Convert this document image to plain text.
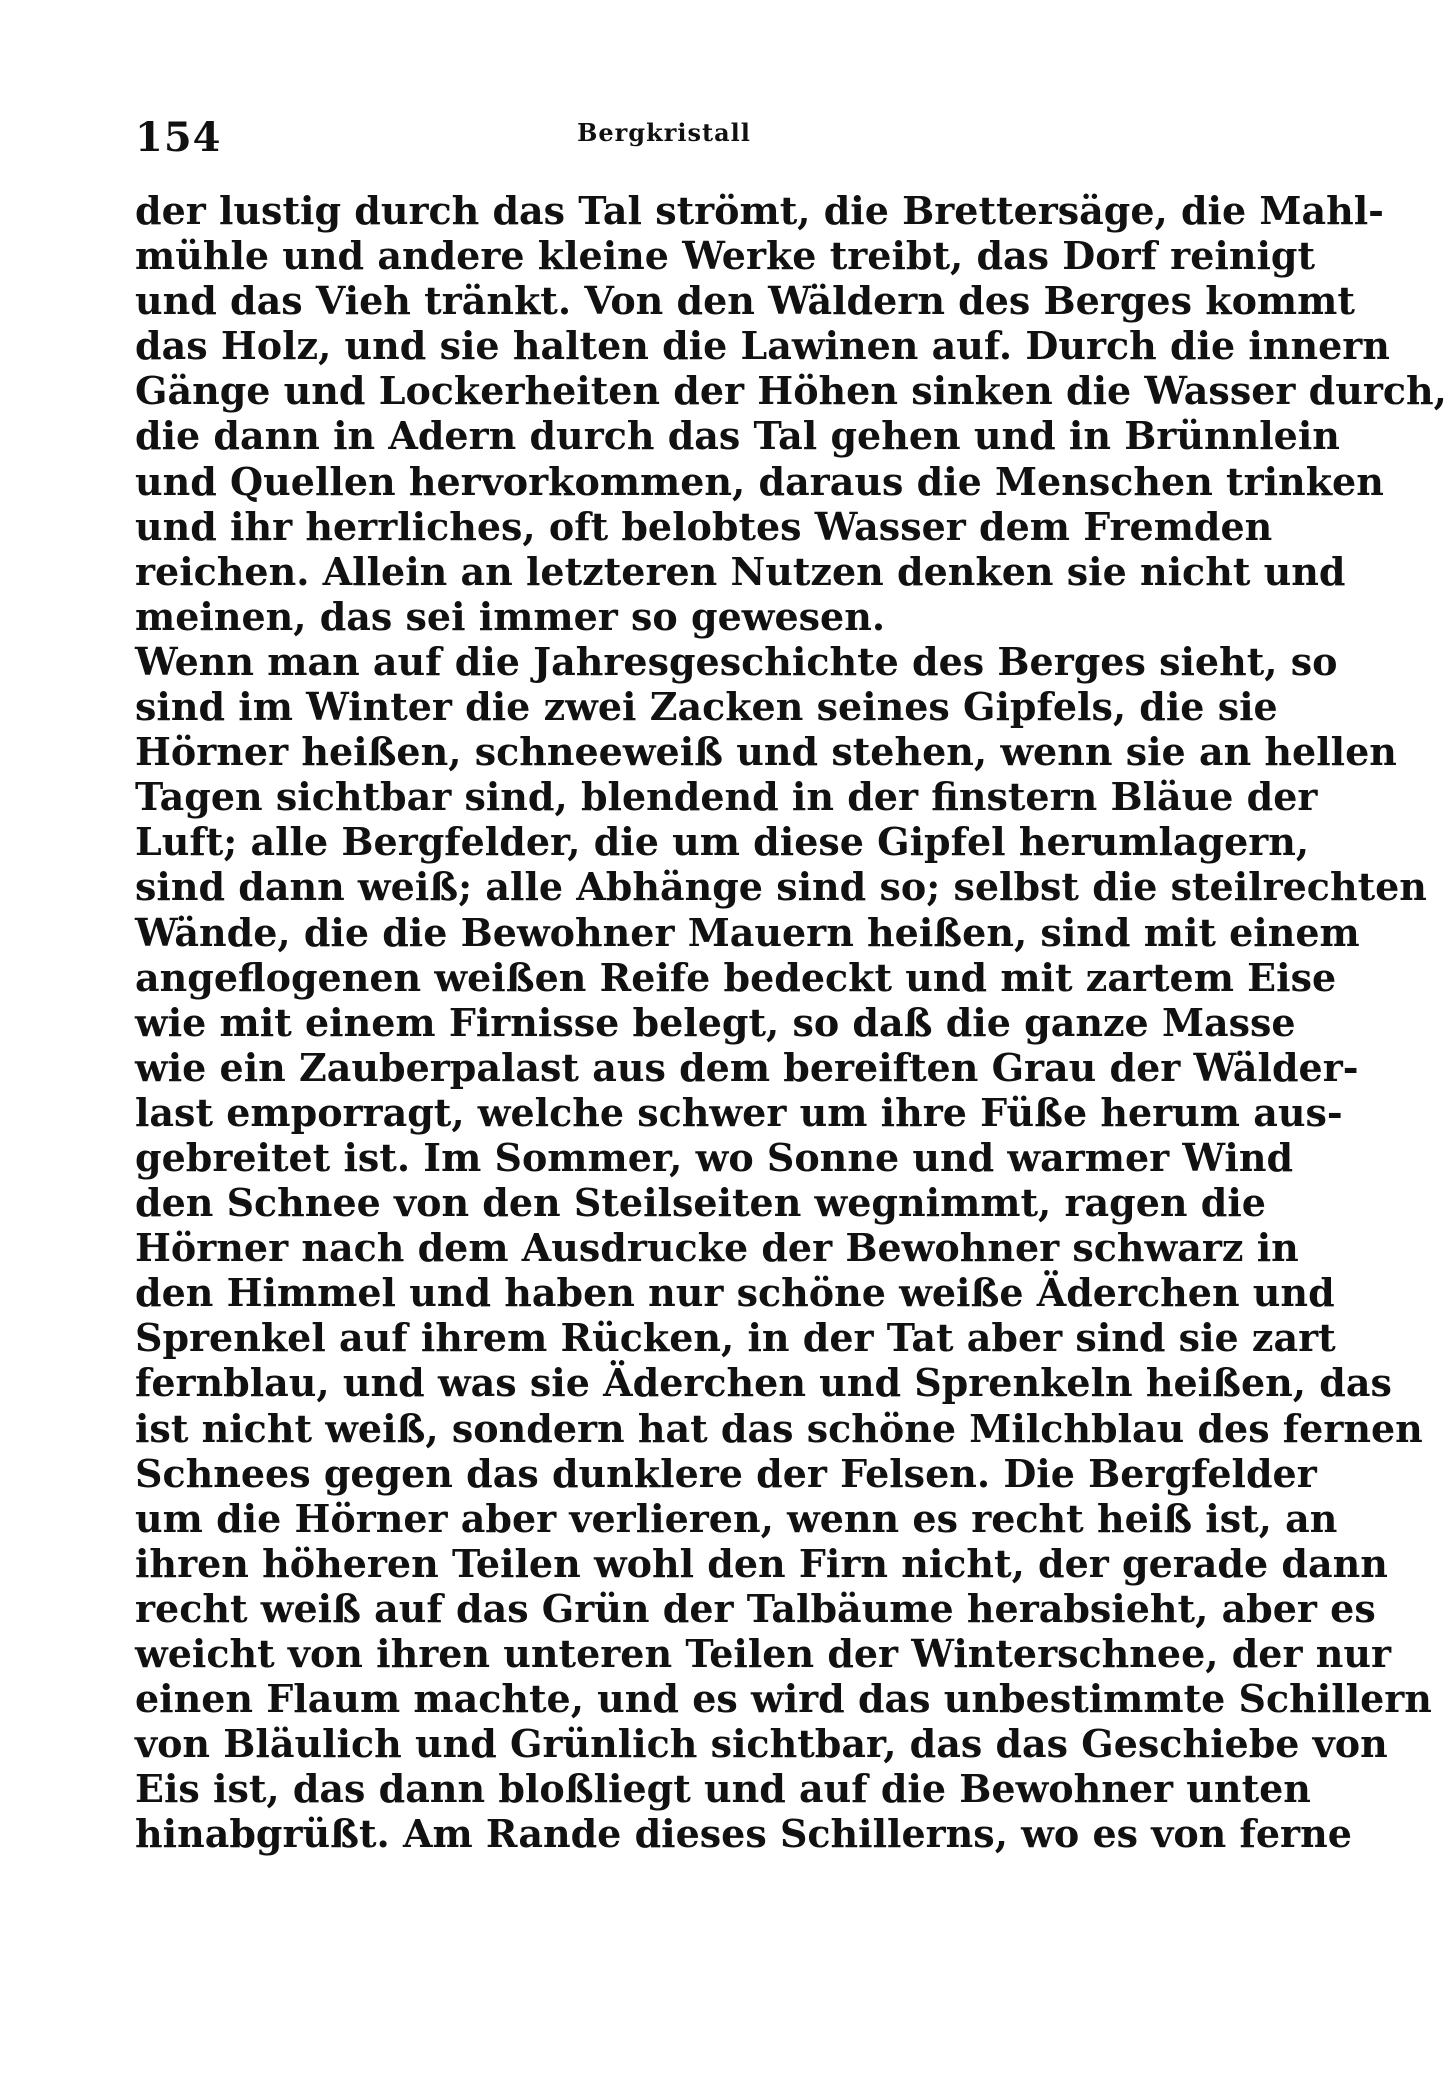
154	Bergkristall
der lustig durch das Tal strömt, die Brettersäge, die Mahl-
mühle und andere kleine Werke treibt, das Dorf reinigt
und das Vieh tränkt. Von den Wäldern des Berges kommt
das Holz, und sie halten die Lawinen auf. Durch die innern
Gänge und Lockerheiten der Höhen sinken die Wasser durch,
die dann in Adern durch das Tal gehen und in Brünnlein
und Quellen hervorkommen, daraus die Menschen trinken
und ihr herrliches, oft belobtes Wasser dem Fremden
reichen. Allein an letzteren Nutzen denken sie nicht und
meinen, das sei immer so gewesen.
Wenn man auf die Jahresgeschichte des Berges sieht, so
sind im Winter die zwei Zacken seines Gipfels, die sie
Hörner heißen, schneeweiß und stehen, wenn sie an hellen
Tagen sichtbar sind, blendend in der finstern Bläue der
Luft; alle Bergfelder, die um diese Gipfel herumlagern,
sind dann weiß; alle Abhänge sind so; selbst die steilrechten
Wände, die die Bewohner Mauern heißen, sind mit einem
angeflogenen weißen Reife bedeckt und mit zartem Eise
wie mit einem Firnisse belegt, so daß die ganze Masse
wie ein Zauberpalast aus dem bereiften Grau der Wälder-
last emporragt, welche schwer um ihre Füße herum aus-
gebreitet ist. Im Sommer, wo Sonne und warmer Wind
den Schnee von den Steilseiten wegnimmt, ragen die
Hörner nach dem Ausdrucke der Bewohner schwarz in
den Himmel und haben nur schöne weiße Äderchen und
Sprenkel auf ihrem Rücken, in der Tat aber sind sie zart
fernblau, und was sie Äderchen und Sprenkeln heißen, das
ist nicht weiß, sondern hat das schöne Milchblau des fernen
Schnees gegen das dunklere der Felsen. Die Bergfelder
um die Hörner aber verlieren, wenn es recht heiß ist, an
ihren höheren Teilen wohl den Firn nicht, der gerade dann
recht weiß auf das Grün der Talbäume herabsieht, aber es
weicht von ihren unteren Teilen der Winterschnee, der nur
einen Flaum machte, und es wird das unbestimmte Schillern
von Bläulich und Grünlich sichtbar, das das Geschiebe von
Eis ist, das dann bloßliegt und auf die Bewohner unten
hinabgrüßt. Am Rande dieses Schillerns, wo es von ferne
